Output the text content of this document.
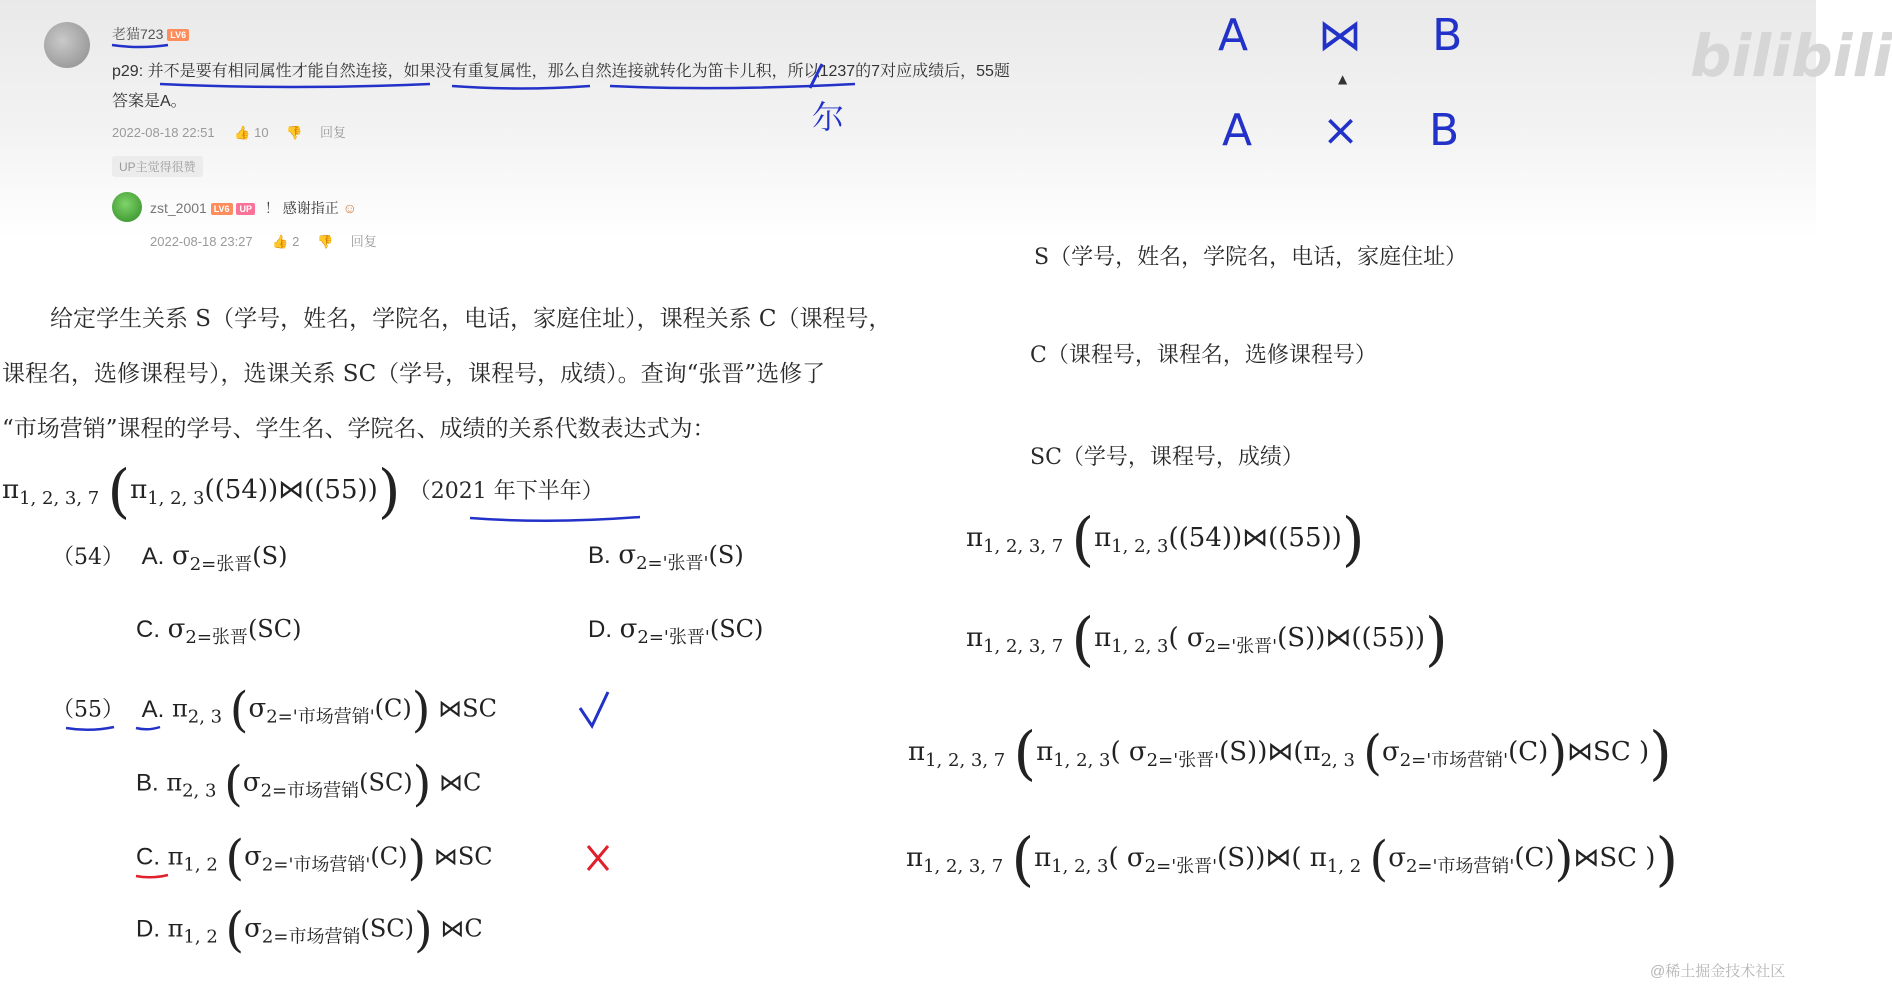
老猫723 LV6
p29: 并不是要有相同属性才能自然连接，如果没有重复属性，那么自然连接就转化为笛卡儿积，所以1237的7对应成绩后，55题
答案是A。
2022-08-18 22:51 👍 10 👎 回复
UP主觉得很赞
zst_2001 LV6 UP ！ 感谢指正 ☺
2022-08-18 23:27 👍 2 👎 回复
尔
A ⋈ B
A × B
▲	bilibili
给定学生关系 S（学号，姓名，学院名，电话，家庭住址），课程关系 C（课程号，
课程名，选修课程号），选课关系 SC（学号，课程号，成绩）。查询“张晋”选修了
“市场营销”课程的学号、学生名、学院名、成绩的关系代数表达式为：
$\pi_{1, 2, 3, 7}$ $(\pi_{1, 2, 3}((54))⋈((55)))$ （2021 年下半年）
（54） A. $\sigma_{2=张晋}(S)$	B. $\sigma_{2='张晋'}(S)$
C. $\sigma_{2=张晋}(SC)$	D. $\sigma_{2='张晋'}(SC)$
（55） A. $\pi_{2, 3}$ $(\sigma_{2='市场营销'}(C))$ ⋈SC
B. $\pi_{2, 3}$ $(\sigma_{2=市场营销}(SC))$ ⋈C
C. $\pi_{1, 2}$ $(\sigma_{2='市场营销'}(C))$ ⋈SC
D. $\pi_{1, 2}$ $(\sigma_{2=市场营销}(SC))$ ⋈C
S（学号，姓名，学院名，电话，家庭住址）
C（课程号，课程名，选修课程号）
SC（学号，课程号，成绩）
$\pi_{1, 2, 3, 7}$ $(\pi_{1, 2, 3}((54))⋈((55)))$
$\pi_{1, 2, 3, 7}$ ($\pi_{1, 2, 3}$( $\sigma_{2='张晋'}(S))⋈((55))$)
$\pi_{1, 2, 3, 7}$ ($\pi_{1, 2, 3}$( $\sigma_{2='张晋'}(S))⋈(\pi_{2, 3}$ $(\sigma_{2='市场营销'}(C))⋈SC$ ))
$\pi_{1, 2, 3, 7}$ ($\pi_{1, 2, 3}$( $\sigma_{2='张晋'}(S))⋈$( $\pi_{1, 2}$ $(\sigma_{2='市场营销'}(C))⋈SC$ ))
@稀土掘金技术社区
